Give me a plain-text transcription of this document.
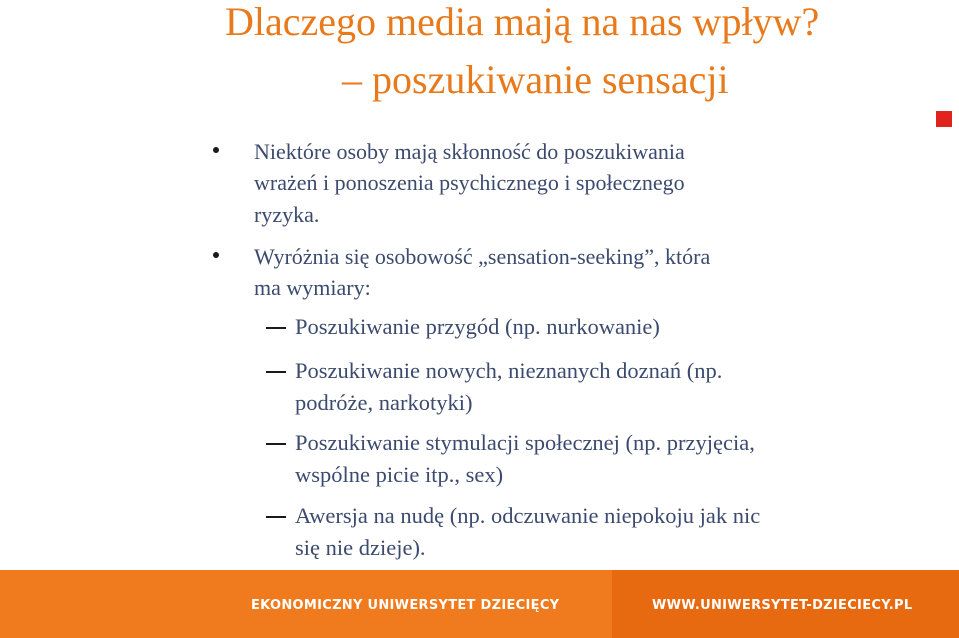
Dlaczego media mają na nas wpływ?
– poszukiwanie sensacji

Niektóre osoby mają skłonność do poszukiwania

wrażeń i ponoszenia psychicznego i społecznego

ryzyka.

Wyróżnia się osobowość „sensation-seeking”, która

ma wymiary:

Poszukiwanie przygód (np. nurkowanie)

Poszukiwanie nowych, nieznanych doznań (np.

podróże, narkotyki)

Poszukiwanie stymulacji społecznej (np. przyjęcia,

wspólne picie itp., sex)

Awersja na nudę (np. odczuwanie niepokoju jak nic

się nie dzieje).

EKONOMICZNY UNIWERSYTET DZIECIĘCY	WWW.UNIWERSYTET-DZIECIECY.PL
